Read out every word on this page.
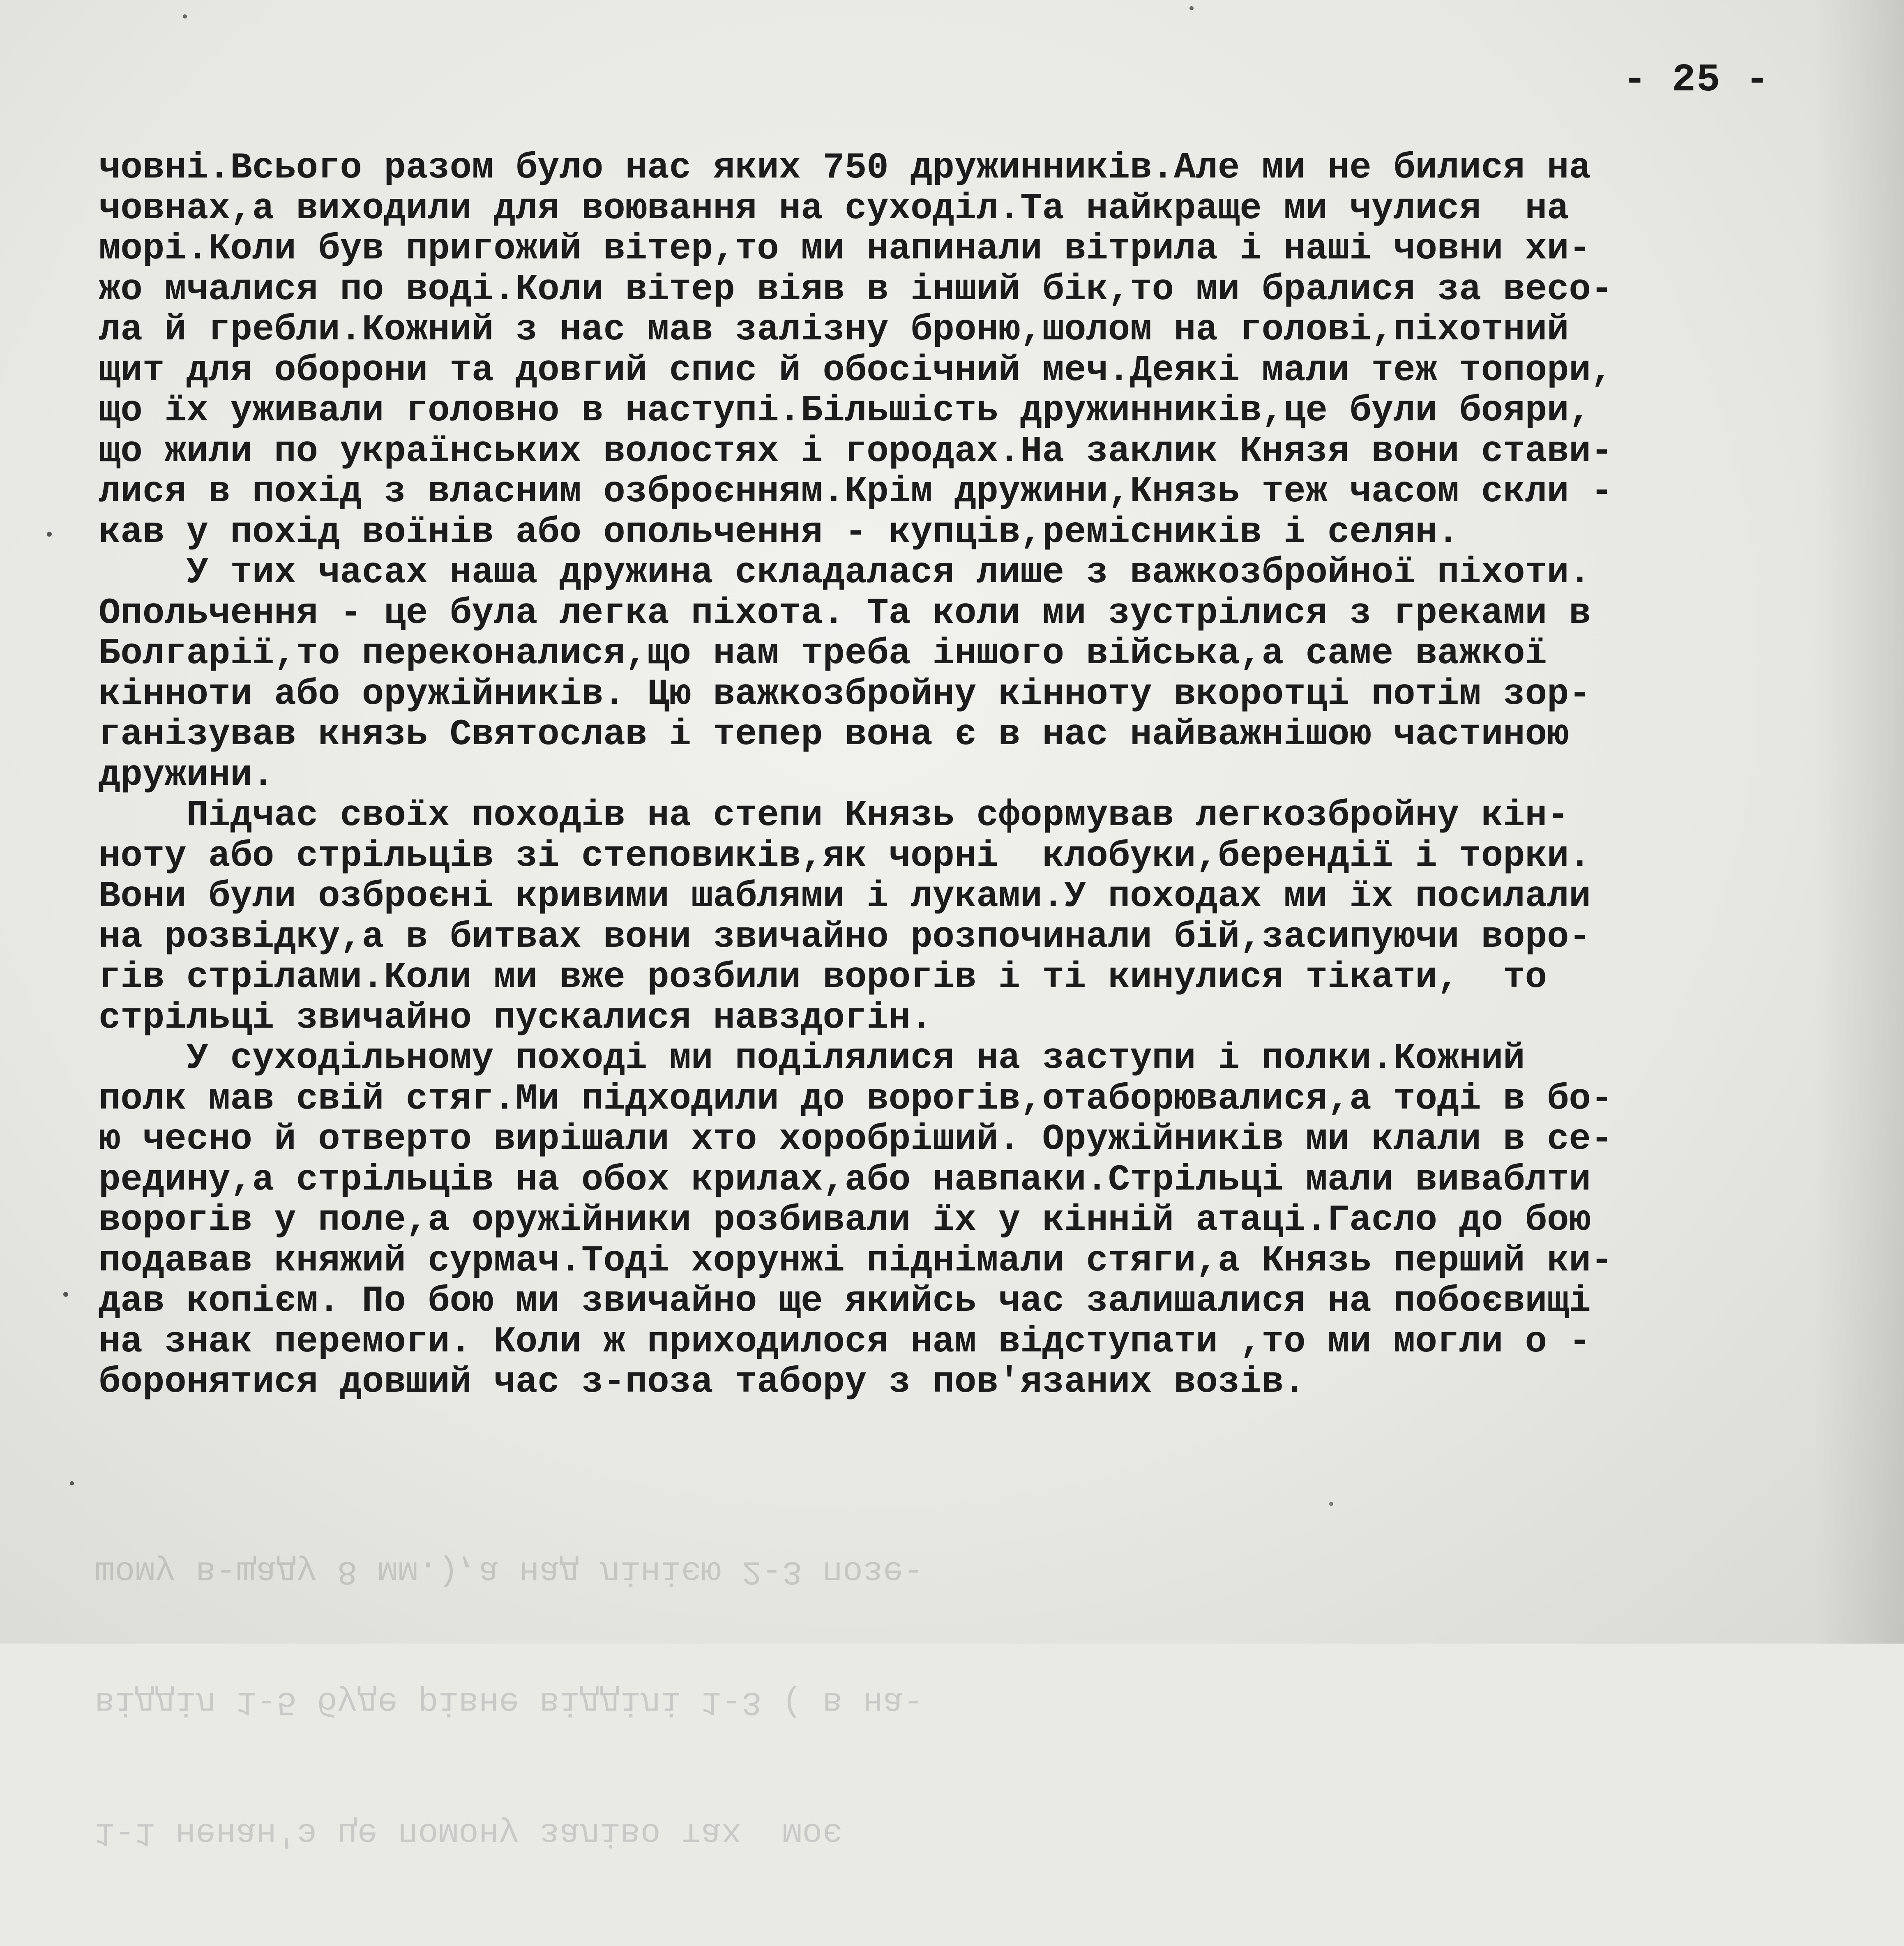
1-1 ненан'э це помону заліво тах  моє

відділ 1-5 буде рівне відділі 1-3 ( в на-

шому в-щаду 8 мм.),а над лінією 2-3 позе-

- 25 -
човні.Всього разом було нас яких 750 дружинників.Але ми не билися на
човнах,а виходили для воювання на суходіл.Та найкраще ми чулися  на
морі.Коли був пригожий вітер,то ми напинали вітрила і наші човни хи-
жо мчалися по воді.Коли вітер віяв в інший бік,то ми бралися за весо-
ла й гребли.Кожний з нас мав залізну броню,шолом на голові,піхотний
щит для оборони та довгий спис й обосічний меч.Деякі мали теж топори,
що їх уживали головно в наступі.Більшість дружинників,це були бояри,
що жили по українських волостях і городах.На заклик Князя вони стави-
лися в похід з власним озброєнням.Крім дружини,Князь теж часом скли -
кав у похід воїнів або опольчення - купців,ремісників і селян.
У тих часах наша дружина складалася лише з важкозбройної піхоти.
Опольчення - це була легка піхота. Та коли ми зустрілися з греками в
Болгарії,то переконалися,що нам треба іншого війська,а саме важкої
кінноти або оружійників. Цю важкозбройну кінноту вкоротці потім зор-
ганізував князь Святослав і тепер вона є в нас найважнішою частиною
дружини.
Підчас своїх походів на степи Князь сформував легкозбройну кін-
ноту або стрільців зі степовиків,як чорні  клобуки,берендії і торки.
Вони були озброєні кривими шаблями і луками.У походах ми їх посилали
на розвідку,а в битвах вони звичайно розпочинали бій,засипуючи воро-
гів стрілами.Коли ми вже розбили ворогів і ті кинулися тікати,  то
стрільці звичайно пускалися навздогін.
У суходільному поході ми поділялися на заступи і полки.Кожний
полк мав свій стяг.Ми підходили до ворогів,отаборювалися,а тоді в бо-
ю чесно й отверто вирішали хто хоробріший. Оружійників ми клали в се-
редину,а стрільців на обох крилах,або навпаки.Стрільці мали виваблти
ворогів у поле,а оружійники розбивали їх у кінній атаці.Гасло до бою
подавав княжий сурмач.Тоді хорунжі піднімали стяги,а Князь перший ки-
дав копієм. По бою ми звичайно ще якийсь час залишалися на побоєвищі
на знак перемоги. Коли ж приходилося нам відступати ,то ми могли о -
боронятися довший час з-поза табору з пов'язаних возів.
